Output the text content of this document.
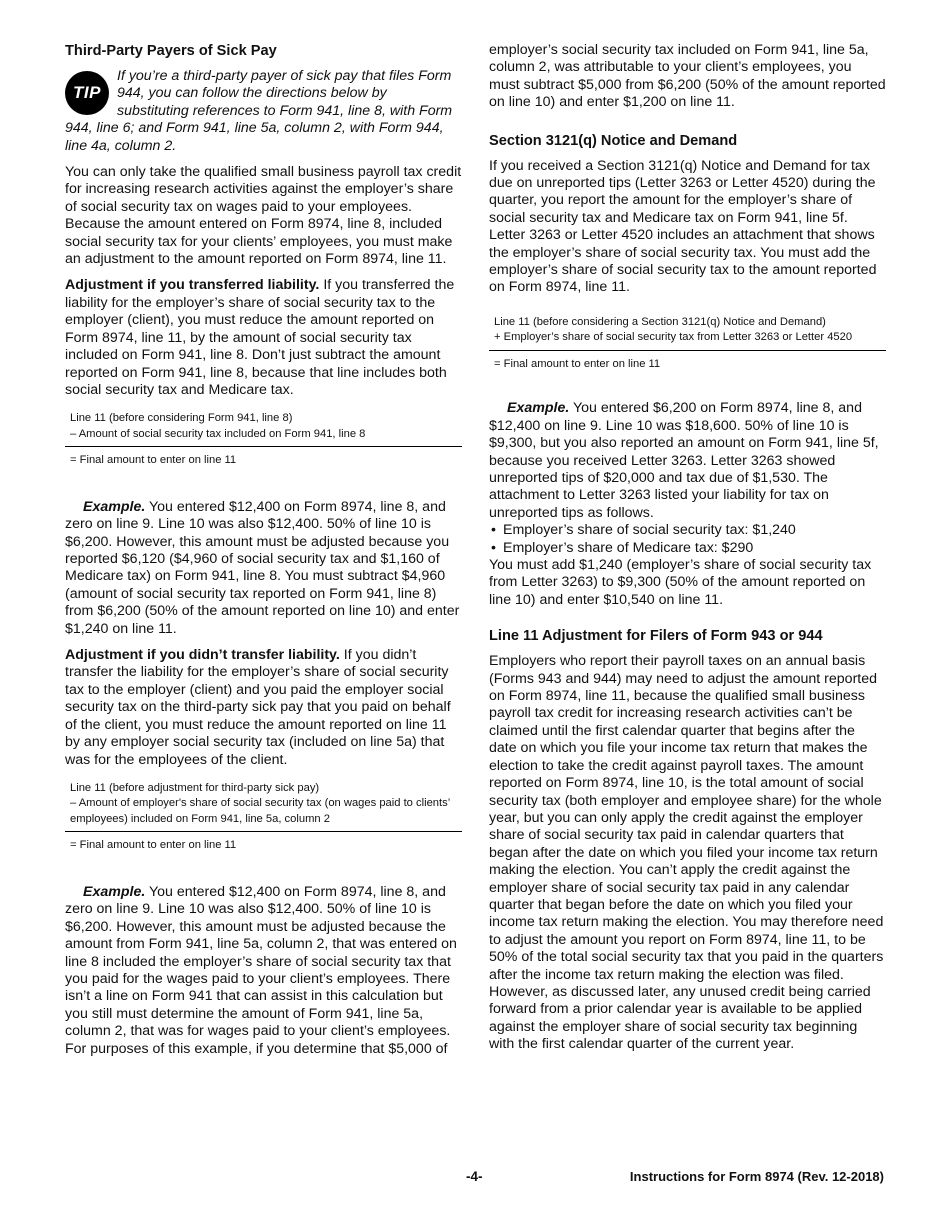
Third-Party Payers of Sick Pay
TIP
If you’re a third-party payer of sick pay that files Form 944, you can follow the directions below by substituting references to Form 941, line 8, with Form 944, line 6; and Form 941, line 5a, column 2, with Form 944, line 4a, column 2.

You can only take the qualified small business payroll tax credit for increasing research activities against the employer’s share of social security tax on wages paid to your employees. Because the amount entered on Form 8974, line 8, included social security tax for your clients’ employees, you must make an adjustment to the amount reported on Form 8974, line 11.

Adjustment if you transferred liability. If you transferred the liability for the employer’s share of social security tax to the employer (client), you must reduce the amount reported on Form 8974, line 11, by the amount of social security tax included on Form 941, line 8. Don’t just subtract the amount reported on Form 941, line 8, because that line includes both social security tax and Medicare tax.

Line 11 (before considering Form 941, line 8)
– Amount of social security tax included on Form 941, line 8
= Final amount to enter on line 11

Example. You entered $12,400 on Form 8974, line 8, and zero on line 9. Line 10 was also $12,400. 50% of line 10 is $6,200. However, this amount must be adjusted because you reported $6,120 ($4,960 of social security tax and $1,160 of Medicare tax) on Form 941, line 8. You must subtract $4,960 (amount of social security tax reported on Form 941, line 8) from $6,200 (50% of the amount reported on line 10) and enter $1,240 on line 11.

Adjustment if you didn’t transfer liability. If you didn’t transfer the liability for the employer’s share of social security tax to the employer (client) and you paid the employer social security tax on the third-party sick pay that you paid on behalf of the client, you must reduce the amount reported on line 11 by any employer social security tax (included on line 5a) that was for the employees of the client.

Line 11 (before adjustment for third-party sick pay)
– Amount of employer's share of social security tax (on wages paid to clients’ employees) included on Form 941, line 5a, column 2
= Final amount to enter on line 11

Example. You entered $12,400 on Form 8974, line 8, and zero on line 9. Line 10 was also $12,400. 50% of line 10 is $6,200. However, this amount must be adjusted because the amount from Form 941, line 5a, column 2, that was entered on line 8 included the employer’s share of social security tax that you paid for the wages paid to your client’s employees. There isn’t a line on Form 941 that can assist in this calculation but you still must determine the amount of Form 941, line 5a, column 2, that was for wages paid to your client’s employees. For purposes of this example, if you determine that $5,000 of

employer’s social security tax included on Form 941, line 5a, column 2, was attributable to your client’s employees, you must subtract $5,000 from $6,200 (50% of the amount reported on line 10) and enter $1,200 on line 11.

Section 3121(q) Notice and Demand

If you received a Section 3121(q) Notice and Demand for tax due on unreported tips (Letter 3263 or Letter 4520) during the quarter, you report the amount for the employer’s share of social security tax and Medicare tax on Form 941, line 5f. Letter 3263 or Letter 4520 includes an attachment that shows the employer’s share of social security tax. You must add the employer’s share of social security tax to the amount reported on Form 8974, line 11.

Line 11 (before considering a Section 3121(q) Notice and Demand)
+ Employer’s share of social security tax from Letter 3263 or Letter 4520
= Final amount to enter on line 11

Example. You entered $6,200 on Form 8974, line 8, and $12,400 on line 9. Line 10 was $18,600. 50% of line 10 is $9,300, but you also reported an amount on Form 941, line 5f, because you received Letter 3263. Letter 3263 showed unreported tips of $20,000 and tax due of $1,530. The attachment to Letter 3263 listed your liability for tax on unreported tips as follows.

• Employer’s share of social security tax: $1,240
• Employer’s share of Medicare tax: $290

You must add $1,240 (employer’s share of social security tax from Letter 3263) to $9,300 (50% of the amount reported on line 10) and enter $10,540 on line 11.

Line 11 Adjustment for Filers of Form 943 or 944

Employers who report their payroll taxes on an annual basis (Forms 943 and 944) may need to adjust the amount reported on Form 8974, line 11, because the qualified small business payroll tax credit for increasing research activities can’t be claimed until the first calendar quarter that begins after the date on which you file your income tax return that makes the election to take the credit against payroll taxes. The amount reported on Form 8974, line 10, is the total amount of social security tax (both employer and employee share) for the whole year, but you can only apply the credit against the employer share of social security tax paid in calendar quarters that began after the date on which you filed your income tax return making the election. You can’t apply the credit against the employer share of social security tax paid in any calendar quarter that began before the date on which you filed your income tax return making the election. You may therefore need to adjust the amount you report on Form 8974, line 11, to be 50% of the total social security tax that you paid in the quarters after the income tax return making the election was filed. However, as discussed later, any unused credit being carried forward from a prior calendar year is available to be applied against the employer share of social security tax beginning with the first calendar quarter of the current year.

-4-	Instructions for Form 8974 (Rev. 12-2018)
